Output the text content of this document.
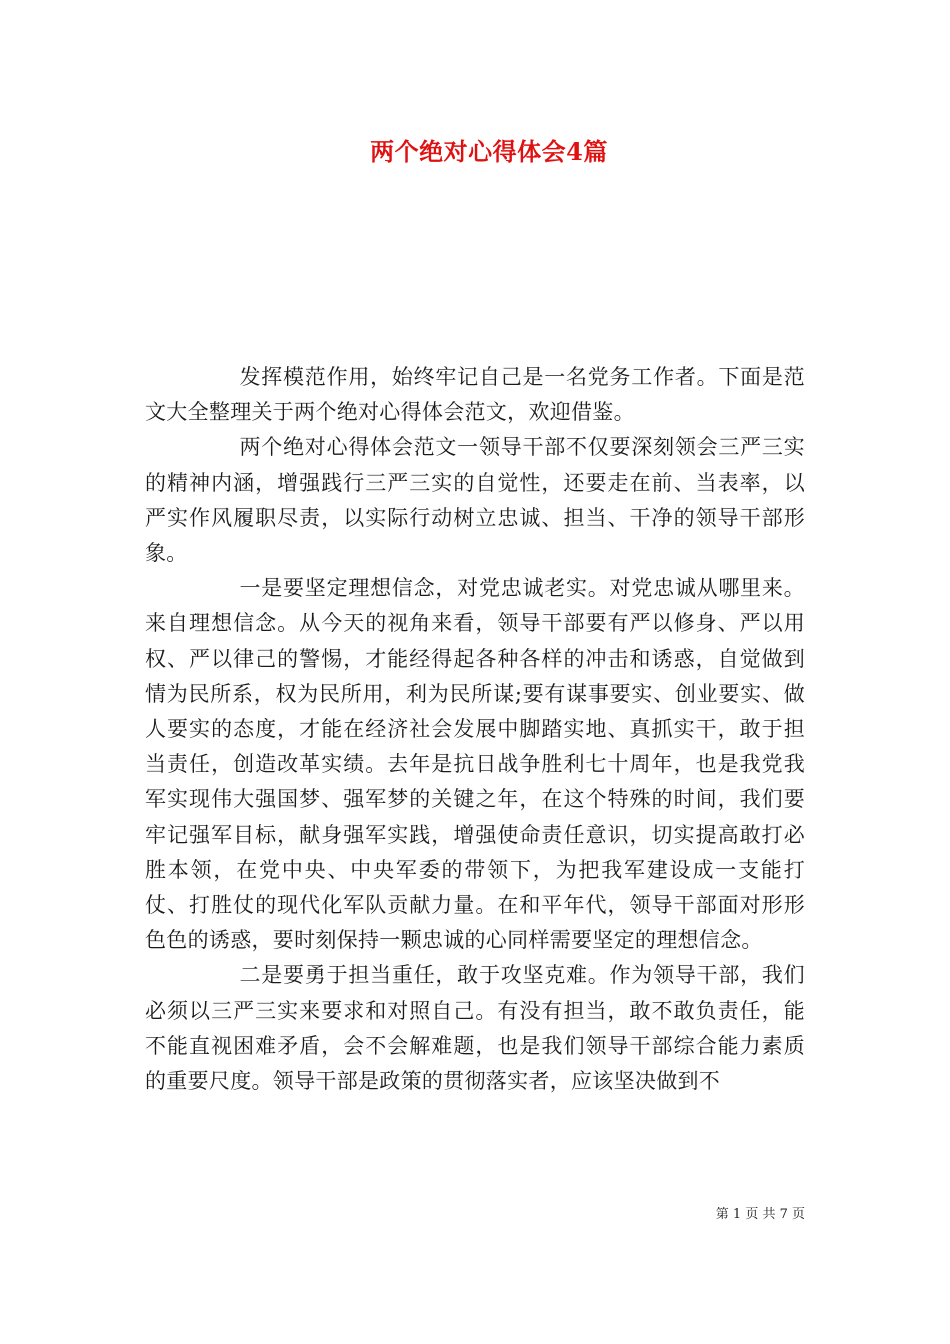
两个绝对心得体会4篇

发挥模范作用，始终牢记自己是一名党务工作者。下面是范文大全整理关于两个绝对心得体会范文，欢迎借鉴。

两个绝对心得体会范文一领导干部不仅要深刻领会三严三实的精神内涵，增强践行三严三实的自觉性，还要走在前、当表率，以严实作风履职尽责，以实际行动树立忠诚、担当、干净的领导干部形象。

一是要坚定理想信念，对党忠诚老实。对党忠诚从哪里来。来自理想信念。从今天的视角来看，领导干部要有严以修身、严以用权、严以律己的警惕，才能经得起各种各样的冲击和诱惑，自觉做到情为民所系，权为民所用，利为民所谋;要有谋事要实、创业要实、做人要实的态度，才能在经济社会发展中脚踏实地、真抓实干，敢于担当责任，创造改革实绩。去年是抗日战争胜利七十周年，也是我党我军实现伟大强国梦、强军梦的关键之年，在这个特殊的时间，我们要牢记强军目标，献身强军实践，增强使命责任意识，切实提高敢打必胜本领，在党中央、中央军委的带领下，为把我军建设成一支能打仗、打胜仗的现代化军队贡献力量。在和平年代，领导干部面对形形色色的诱惑，要时刻保持一颗忠诚的心同样需要坚定的理想信念。

二是要勇于担当重任，敢于攻坚克难。作为领导干部，我们必须以三严三实来要求和对照自己。有没有担当，敢不敢负责任，能不能直视困难矛盾，会不会解难题，也是我们领导干部综合能力素质的重要尺度。领导干部是政策的贯彻落实者，应该坚决做到不

第 1 页 共 7 页
